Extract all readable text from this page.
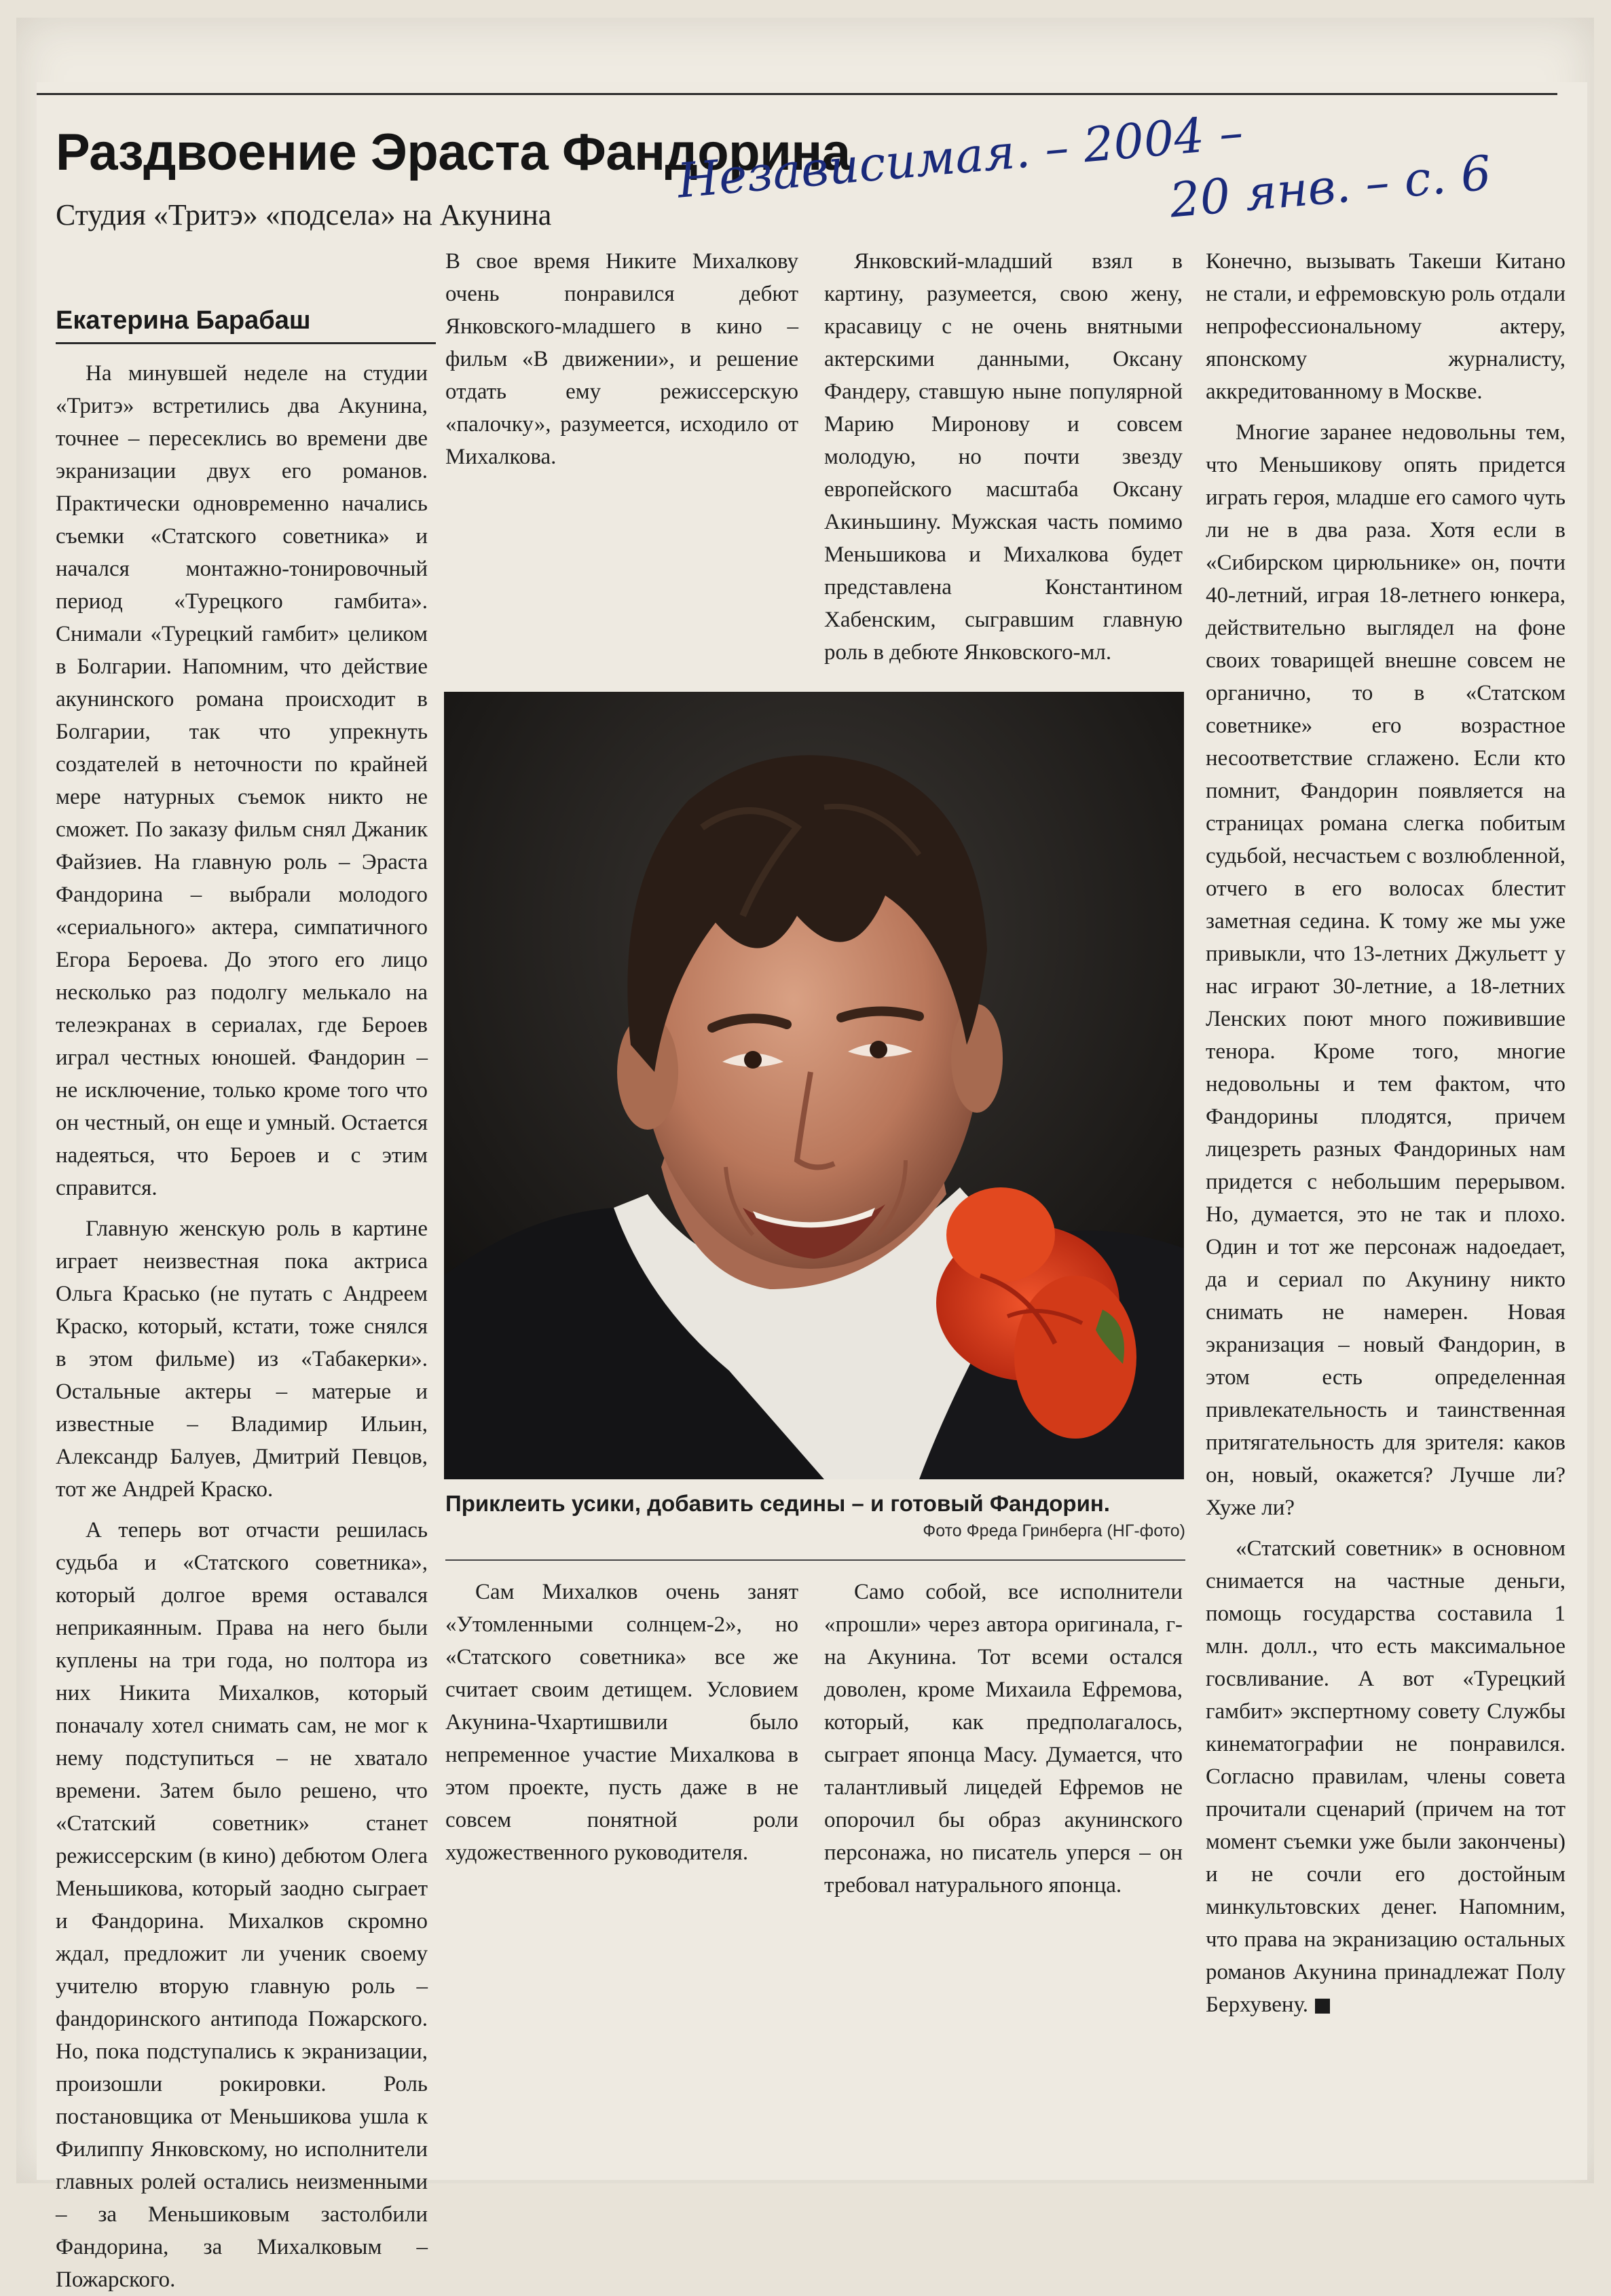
Раздвоение Эраста Фандорина
Студия «Тритэ» «подсела» на Акунина
Независимая. – 2004 –
20 янв. – с. 6
Екатерина Барабаш

На минувшей неделе на студии «Тритэ» встретились два Акунина, точнее – пересеклись во времени две экранизации двух его романов. Практически одновременно начались съемки «Статского советника» и начался монтажно-тонировочный период «Турецкого гамбита». Снимали «Турецкий гамбит» целиком в Болгарии. Напомним, что действие акунинского романа происходит в Болгарии, так что упрекнуть создателей в неточности по крайней мере натурных съемок никто не сможет. По заказу фильм снял Джаник Файзиев. На главную роль – Эраста Фандорина – выбрали молодого «сериального» актера, симпатичного Егора Бероева. До этого его лицо несколько раз подолгу мелькало на телеэкранах в сериалах, где Бероев играл честных юношей. Фандорин – не исключение, только кроме того что он честный, он еще и умный. Остается надеяться, что Бероев и с этим справится.

Главную женскую роль в картине играет неизвестная пока актриса Ольга Красько (не путать с Андреем Краско, который, кстати, тоже снялся в этом фильме) из «Табакерки». Остальные актеры – матерые и известные – Владимир Ильин, Александр Балуев, Дмитрий Певцов, тот же Андрей Краско.

А теперь вот отчасти решилась судьба и «Статского советника», который долгое время оставался неприкаянным. Права на него были куплены на три года, но полтора из них Никита Михалков, который поначалу хотел снимать сам, не мог к нему подступиться – не хватало времени. Затем было решено, что «Статский советник» станет режиссерским (в кино) дебютом Олега Меньшикова, который заодно сыграет и Фандорина. Михалков скромно ждал, предложит ли ученик своему учителю вторую главную роль – фандоринского антипода Пожарского. Но, пока подступались к экранизации, произошли рокировки. Роль постановщика от Меньшикова ушла к Филиппу Янковскому, но исполнители главных ролей остались неизменными – за Меньшиковым застолбили Фандорина, за Михалковым – Пожарского.

В свое время Никите Михалкову очень понравился дебют Янковского-младшего в кино – фильм «В движении», и решение отдать ему режиссерскую «палочку», разумеется, исходило от Михалкова.

Янковский-младший взял в картину, разумеется, свою жену, красавицу с не очень внятными актерскими данными, Оксану Фандеру, ставшую ныне популярной Марию Миронову и совсем молодую, но почти звезду европейского масштаба Оксану Акиньшину. Мужская часть помимо Меньшикова и Михалкова будет представлена Константином Хабенским, сыгравшим главную роль в дебюте Янковского-мл.

Приклеить усики, добавить седины – и готовый Фандорин.
Фото Фреда Гринберга (НГ-фото)

Сам Михалков очень занят «Утомленными солнцем-2», но «Статского советника» все же считает своим детищем. Условием Акунина-Чхартишвили было непременное участие Михалкова в этом проекте, пусть даже в не совсем понятной роли художественного руководителя.

Само собой, все исполнители «прошли» через автора оригинала, г-на Акунина. Тот всеми остался доволен, кроме Михаила Ефремова, который, как предполагалось, сыграет японца Масу. Думается, что талантливый лицедей Ефремов не опорочил бы образ акунинского персонажа, но писатель уперся – он требовал натурального японца.

Конечно, вызывать Такеши Китано не стали, и ефремовскую роль отдали непрофессиональному актеру, японскому журналисту, аккредитованному в Москве.

Многие заранее недовольны тем, что Меньшикову опять придется играть героя, младше его самого чуть ли не в два раза. Хотя если в «Сибирском цирюльнике» он, почти 40-летний, играя 18-летнего юнкера, действительно выглядел на фоне своих товарищей внешне совсем не органично, то в «Статском советнике» его возрастное несоответствие сглажено. Если кто помнит, Фандорин появляется на страницах романа слегка побитым судьбой, несчастьем с возлюбленной, отчего в его волосах блестит заметная седина. К тому же мы уже привыкли, что 13-летних Джульетт у нас играют 30-летние, а 18-летних Ленских поют много поживившие тенора. Кроме того, многие недовольны и тем фактом, что Фандорины плодятся, причем лицезреть разных Фандориных нам придется с небольшим перерывом. Но, думается, это не так и плохо. Один и тот же персонаж надоедает, да и сериал по Акунину никто снимать не намерен. Новая экранизация – новый Фандорин, в этом есть определенная привлекательность и таинственная притягательность для зрителя: каков он, новый, окажется? Лучше ли? Хуже ли?

«Статский советник» в основном снимается на частные деньги, помощь государства составила 1 млн. долл., что есть максимальное госвливание. А вот «Турецкий гамбит» экспертному совету Службы кинематографии не понравился. Согласно правилам, члены совета прочитали сценарий (причем на тот момент съемки уже были закончены) и не сочли его достойным минкультовских денег. Напомним, что права на экранизацию остальных романов Акунина принадлежат Полу Берхувену.
